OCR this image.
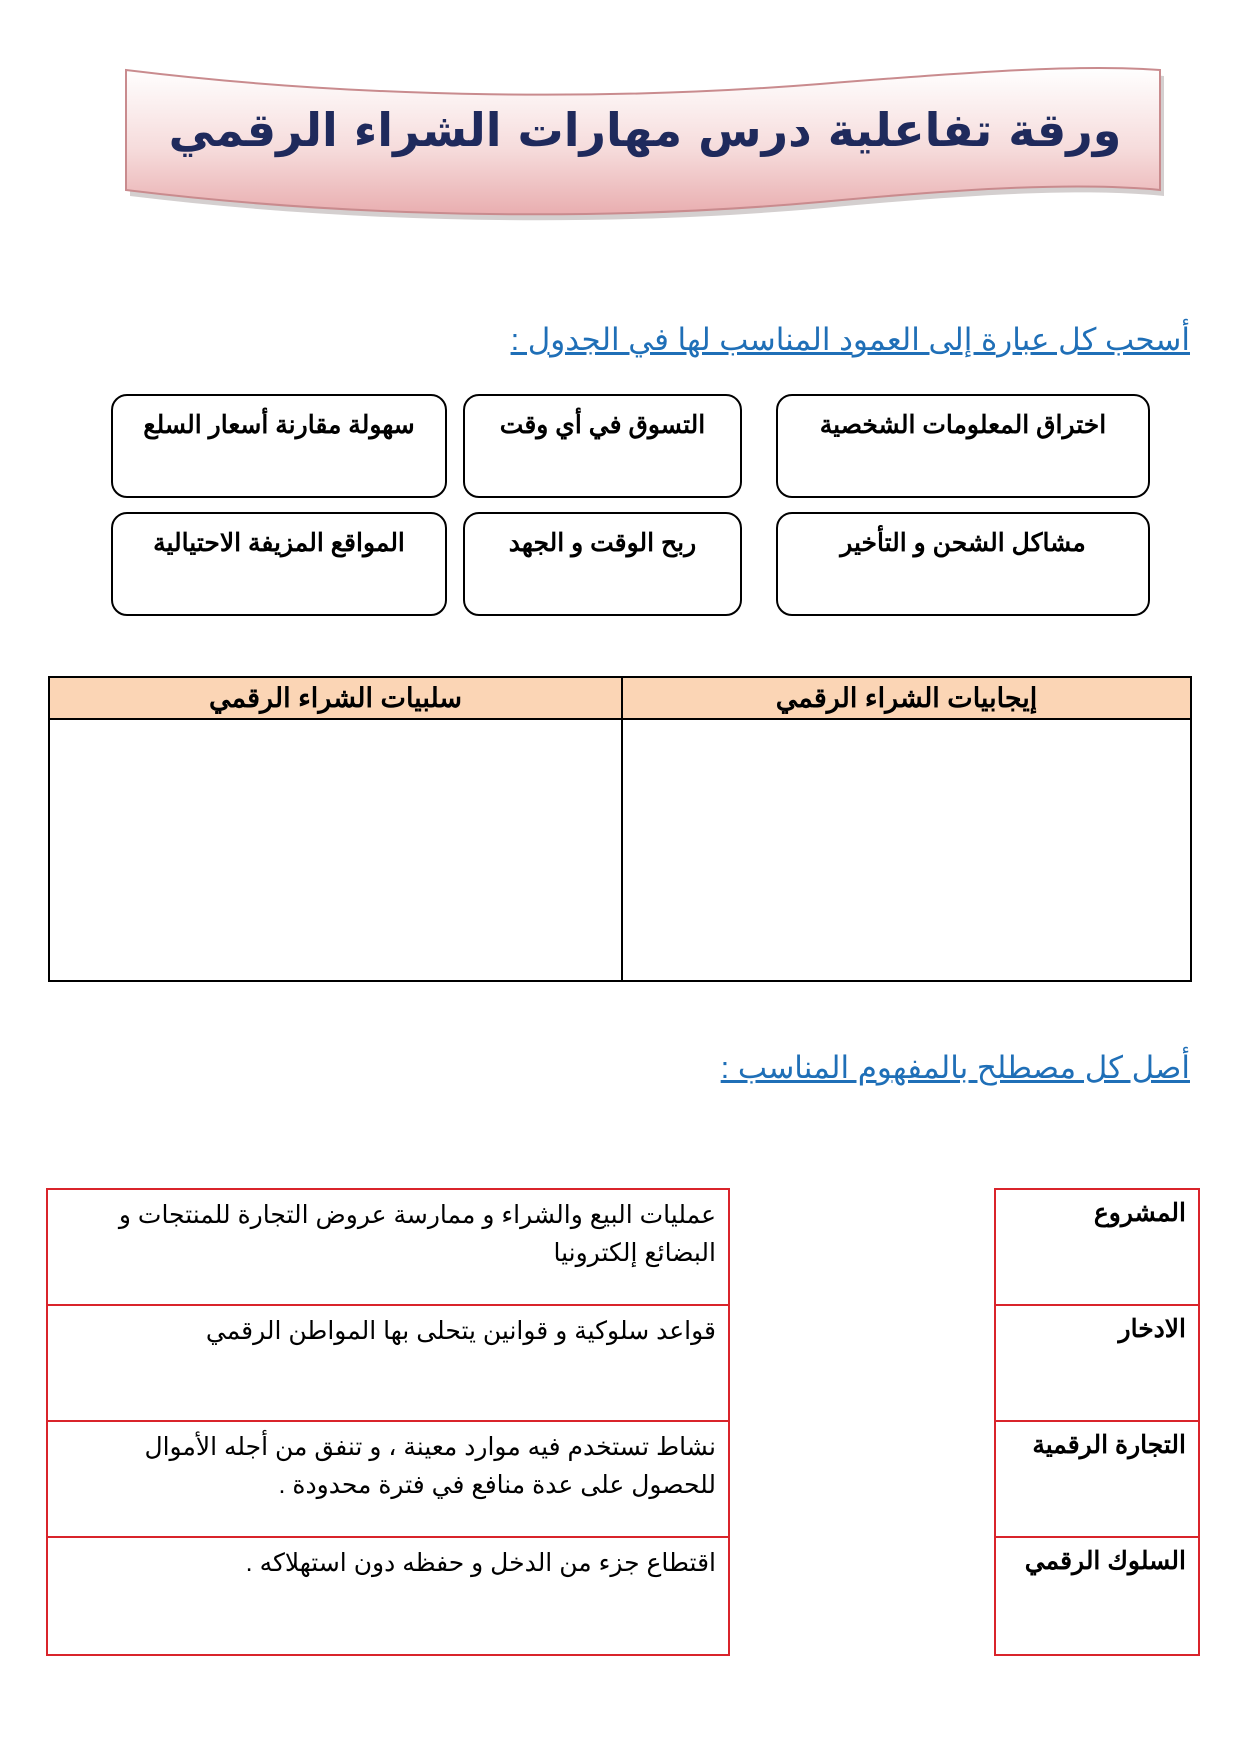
ورقة تفاعلية درس مهارات الشراء الرقمي
أسحب كل عبارة إلى العمود المناسب لها في الجدول :
اختراق المعلومات الشخصية
التسوق في أي وقت
سهولة مقارنة أسعار السلع
مشاكل الشحن و التأخير
ربح الوقت و الجهد
المواقع المزيفة الاحتيالية
إيجابيات الشراء الرقمي
سلبيات الشراء الرقمي
أصل كل مصطلح بالمفهوم المناسب :
عمليات البيع والشراء و ممارسة عروض التجارة للمنتجات و البضائع إلكترونيا
قواعد سلوكية و قوانين يتحلى بها المواطن الرقمي
نشاط تستخدم فيه موارد معينة ، و تنفق من أجله الأموال للحصول على عدة منافع في فترة محدودة .
اقتطاع جزء من الدخل و حفظه دون استهلاكه .
المشروع
الادخار
التجارة الرقمية
السلوك الرقمي
